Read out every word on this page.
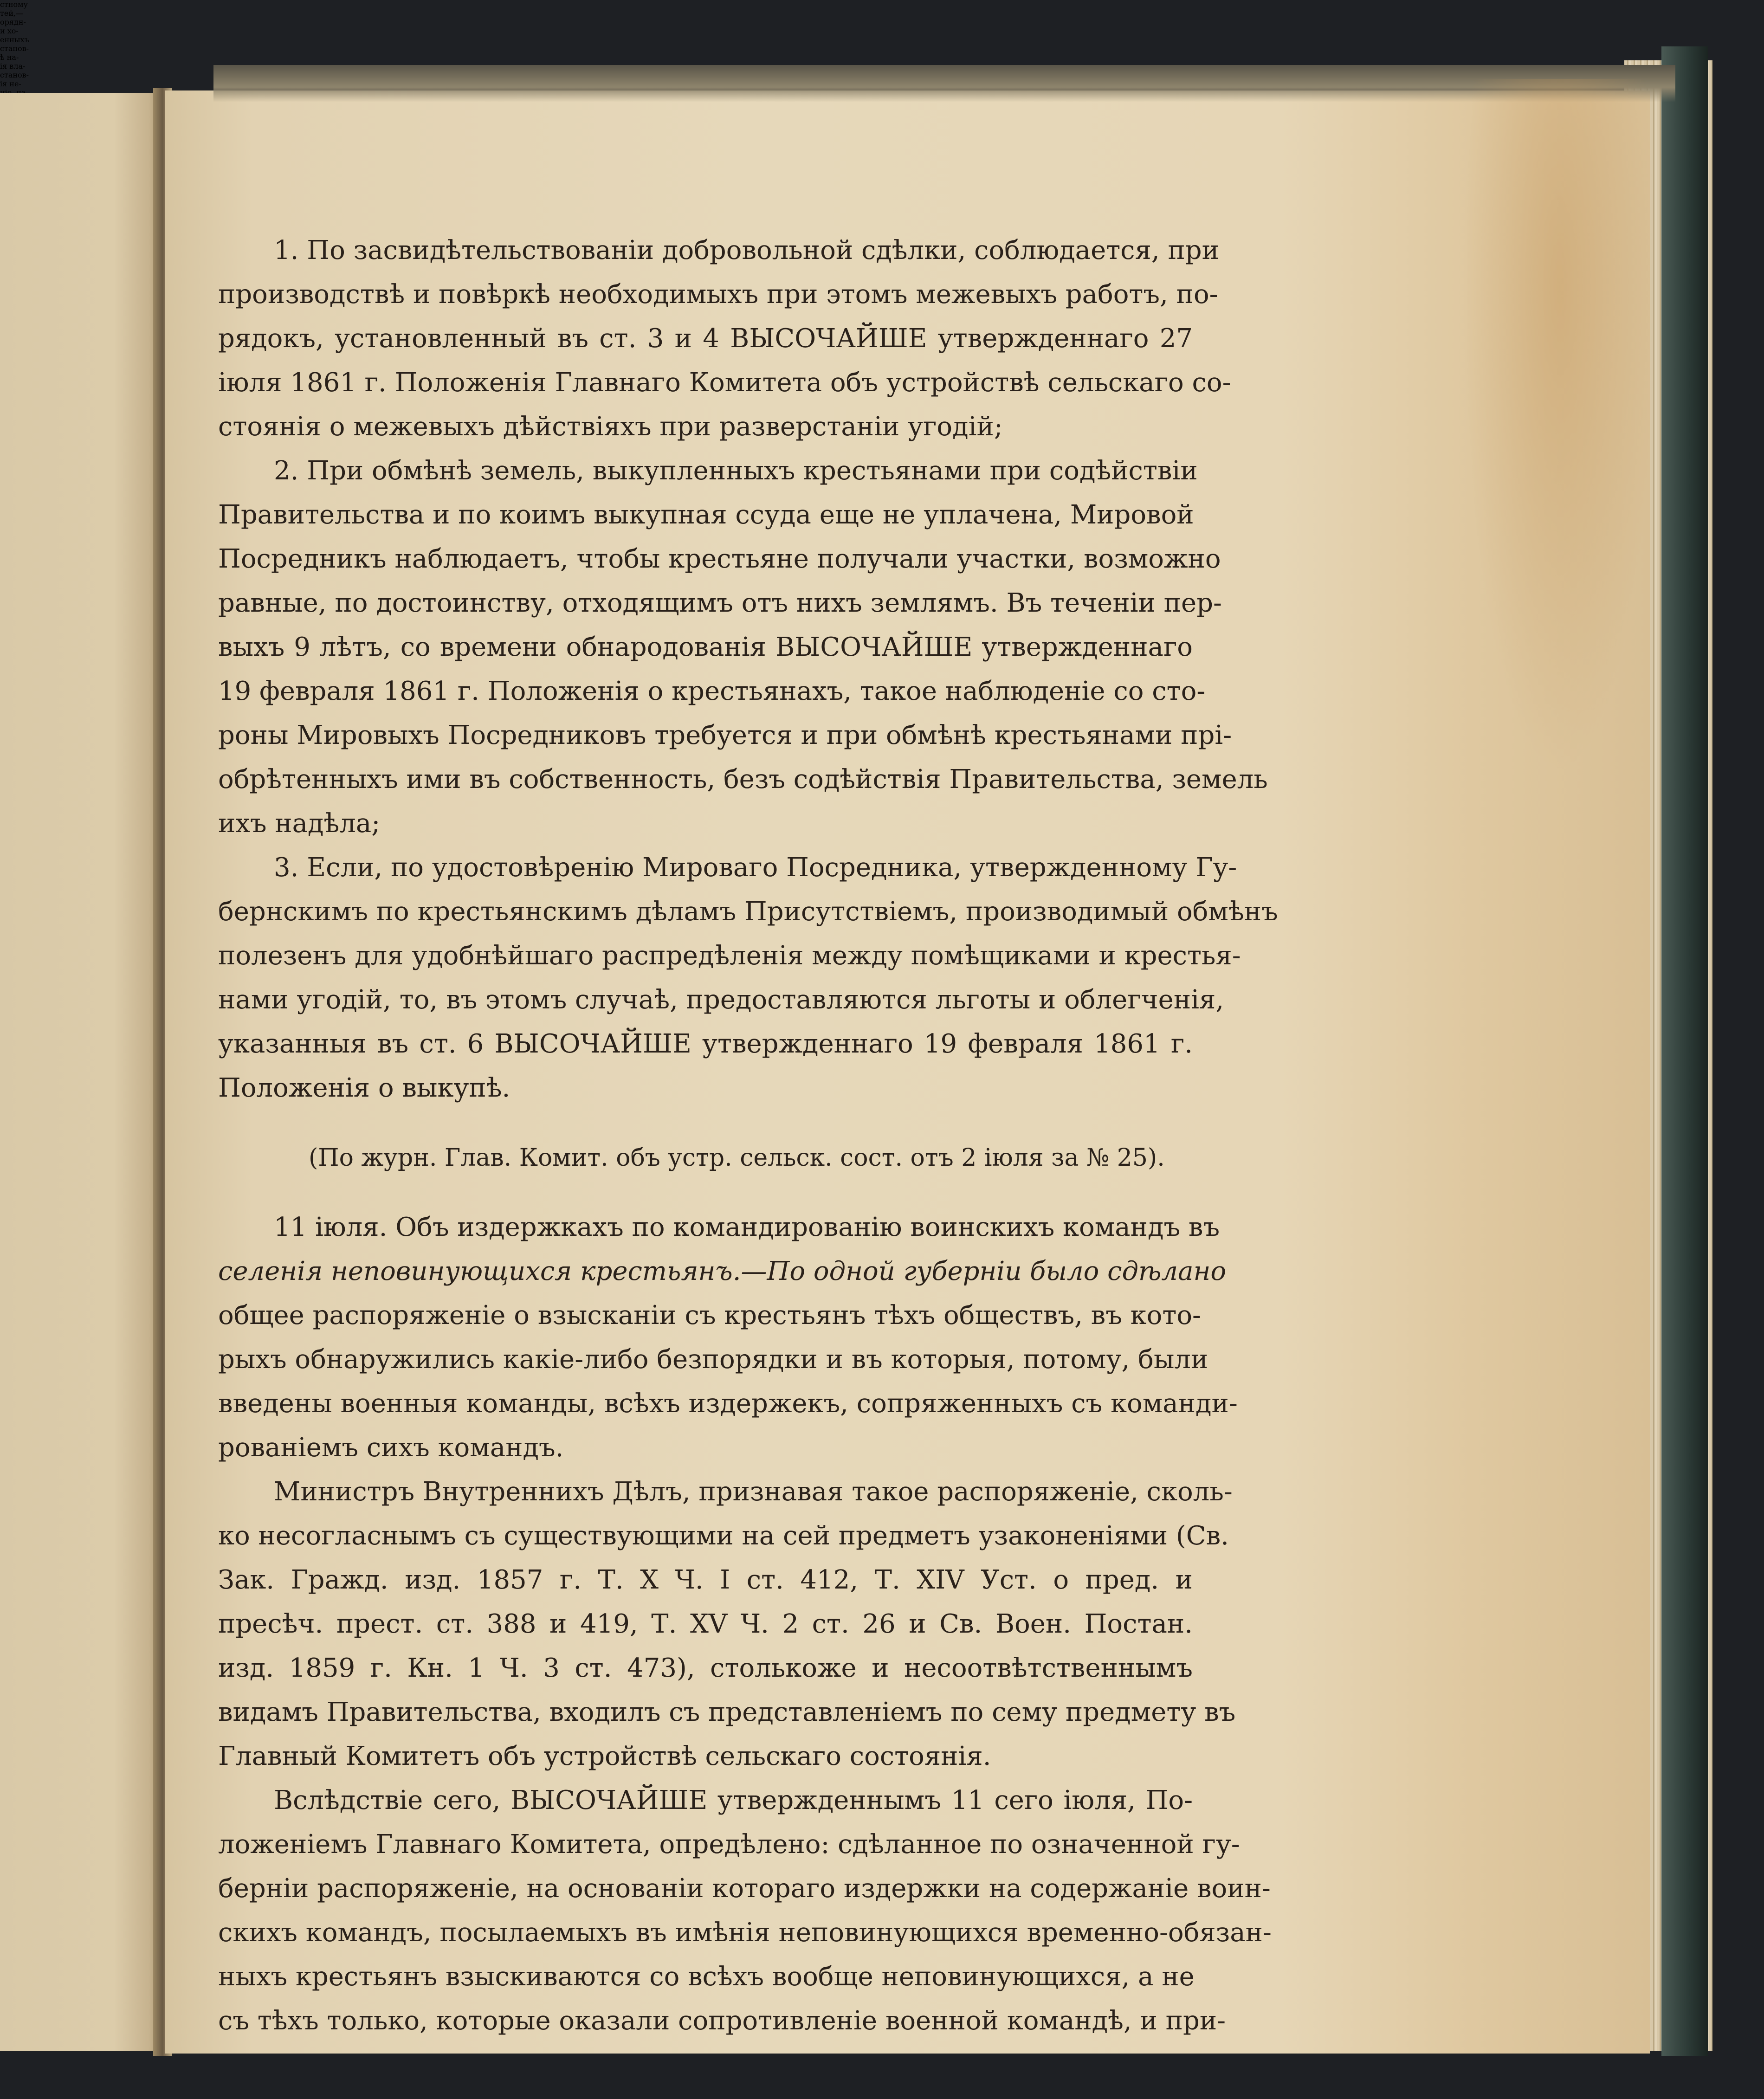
стному
тей,—
орядн-
и хо-
енныхъ
станов-
ѣ на-
ія вла-
станов-
ія не-
1. По засвидѣтельствованіи добровольной сдѣлки, соблюдается, при
производствѣ и повѣркѣ необходимыхъ при этомъ межевыхъ работъ, по-
рядокъ, установленный въ ст. 3 и 4 ВЫСОЧАЙШЕ утвержденнаго 27
іюля 1861 г. Положенія Главнаго Комитета объ устройствѣ сельскаго со-
стоянія о межевыхъ дѣйствіяхъ при разверстаніи угодій;
2. При обмѣнѣ земель, выкупленныхъ крестьянами при содѣйствіи
Правительства и по коимъ выкупная ссуда еще не уплачена, Мировой
Посредникъ наблюдаетъ, чтобы крестьяне получали участки, возможно
равные, по достоинству, отходящимъ отъ нихъ землямъ. Въ теченіи пер-
выхъ 9 лѣтъ, со времени обнародованія ВЫСОЧАЙШЕ утвержденнаго
19 февраля 1861 г. Положенія о крестьянахъ, такое наблюденіе со сто-
роны Мировыхъ Посредниковъ требуется и при обмѣнѣ крестьянами прі-
обрѣтенныхъ ими въ собственность, безъ содѣйствія Правительства, земель
ихъ надѣла;
3. Если, по удостовѣренію Мироваго Посредника, утвержденному Гу-
бернскимъ по крестьянскимъ дѣламъ Присутствіемъ, производимый обмѣнъ
полезенъ для удобнѣйшаго распредѣленія между помѣщиками и крестья-
нами угодій, то, въ этомъ случаѣ, предоставляются льготы и облегченія,
указанныя въ ст. 6 ВЫСОЧАЙШЕ утвержденнаго 19 февраля 1861 г.
Положенія о выкупѣ.
(По журн. Глав. Комит. объ устр. сельск. сост. отъ 2 іюля за № 25).
11 іюля. Объ издержкахъ по командированію воинскихъ командъ въ
селенія неповинующихся крестьянъ.—По одной губерніи было сдѣлано
общее распоряженіе о взысканіи съ крестьянъ тѣхъ обществъ, въ кото-
рыхъ обнаружились какіе-либо безпорядки и въ которыя, потому, были
введены военныя команды, всѣхъ издержекъ, сопряженныхъ съ команди-
рованіемъ сихъ командъ.
Министръ Внутреннихъ Дѣлъ, признавая такое распоряженіе, сколь-
ко несогласнымъ съ существующими на сей предметъ узаконеніями (Св.
Зак. Гражд. изд. 1857 г. Т. X Ч. I ст. 412, Т. XIV Уст. о пред. и
пресѣч. прест. ст. 388 и 419, Т. XV Ч. 2 ст. 26 и Св. Воен. Постан.
изд. 1859 г. Кн. 1 Ч. 3 ст. 473), столькоже и несоотвѣтственнымъ
видамъ Правительства, входилъ съ представленіемъ по сему предмету въ
Главный Комитетъ объ устройствѣ сельскаго состоянія.
Вслѣдствіе сего, ВЫСОЧАЙШЕ утвержденнымъ 11 сего іюля, По-
ложеніемъ Главнаго Комитета, опредѣлено: сдѣланное по означенной гу-
берніи распоряженіе, на основаніи котораго издержки на содержаніе воин-
скихъ командъ, посылаемыхъ въ имѣнія неповинующихся временно-обязан-
ныхъ крестьянъ взыскиваются со всѣхъ вообще неповинующихся, а не
съ тѣхъ только, которые оказали сопротивленіе военной командѣ, и при-
